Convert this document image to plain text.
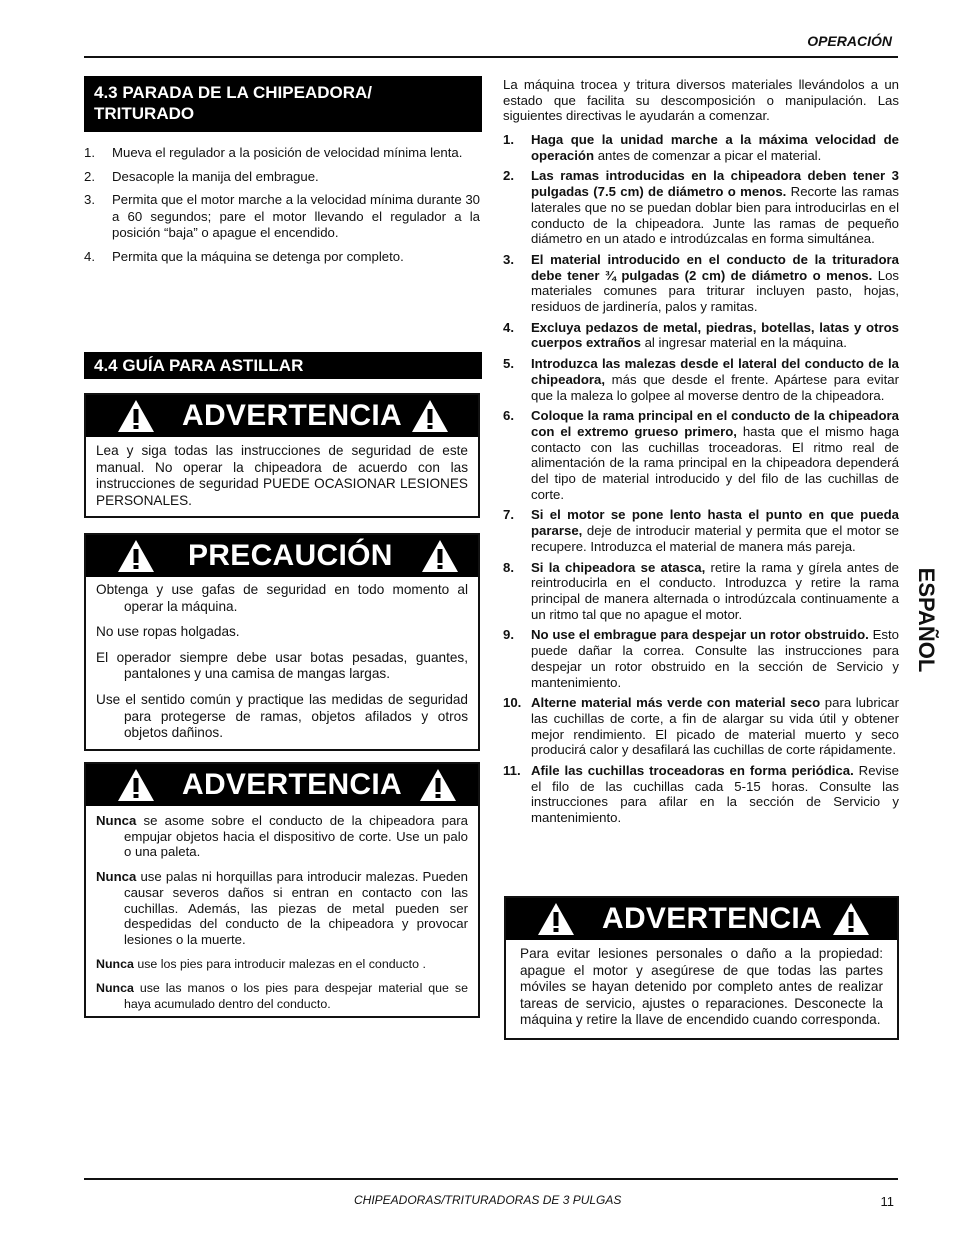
OPERACIÓN
4.3 PARADA DE LA CHIPEADORA/
TRITURADO
1. Mueva el regulador a la posición de velocidad mínima lenta.
2. Desacople la manija del embrague.
3. Permita que el motor marche a la velocidad mínima durante 30 a 60 segundos; pare el motor llevando el regulador a la posición “baja” o apague el encendido.
4. Permita que la máquina se detenga por completo.
4.4 GUÍA PARA ASTILLAR
ADVERTENCIA
Lea y siga todas las instrucciones de seguridad de este manual. No operar la chipeadora de acuerdo con las instrucciones de seguridad PUEDE OCASIONAR LESIONES PERSONALES.
PRECAUCIÓN

Obtenga y use gafas de seguridad en todo momento al operar la máquina.

No use ropas holgadas.

El operador siempre debe usar botas pesadas, guantes, pantalones y una camisa de mangas largas.

Use el sentido común y practique las medidas de seguridad para protegerse de ramas, objetos afilados y otros objetos dañinos.

ADVERTENCIA

Nunca se asome sobre el conducto de la chipeadora para empujar objetos hacia el dispositivo de corte. Use un palo o una paleta.

Nunca use palas ni horquillas para introducir malezas. Pueden causar severos daños si entran en contacto con las cuchillas. Además, las piezas de metal pueden ser despedidas del conducto de la chipeadora y provocar lesiones o la muerte.

Nunca use los pies para introducir malezas en el conducto .

Nunca use las manos o los pies para despejar material que se haya acumulado dentro del conducto.

La máquina trocea y tritura diversos materiales llevándolos a un estado que facilita su descomposición o manipulación. Las siguientes directivas le ayudarán a comenzar.
1. Haga que la unidad marche a la máxima velocidad de operación antes de comenzar a picar el material.
2. Las ramas introducidas en la chipeadora deben tener 3 pulgadas (7.5 cm) de diámetro o menos. Recorte las ramas laterales que no se puedan doblar bien para introducirlas en el conducto de la chipeadora. Junte las ramas de pequeño diámetro en un atado e introdúzcalas en forma simultánea.
3. El material introducido en el conducto de la trituradora debe tener ¾ pulgadas (2 cm) de diámetro o menos. Los materiales comunes para triturar incluyen pasto, hojas, residuos de jardinería, palos y ramitas.
4. Excluya pedazos de metal, piedras, botellas, latas y otros cuerpos extraños al ingresar material en la máquina.
5. Introduzca las malezas desde el lateral del conducto de la chipeadora, más que desde el frente. Apártese para evitar que la maleza lo golpee al moverse dentro de la chipeadora.
6. Coloque la rama principal en el conducto de la chipeadora con el extremo grueso primero, hasta que el mismo haga contacto con las cuchillas troceadoras. El ritmo real de alimentación de la rama principal en la chipeadora dependerá del tipo de material introducido y del filo de las cuchillas de corte.
7. Si el motor se pone lento hasta el punto en que pueda pararse, deje de introducir material y permita que el motor se recupere. Introduzca el material de manera más pareja.
8. Si la chipeadora se atasca, retire la rama y gírela antes de reintroducirla en el conducto. Introduzca y retire la rama principal de manera alternada o introdúzcala continuamente a un ritmo tal que no apague el motor.
9. No use el embrague para despejar un rotor obstruido. Esto puede dañar la correa. Consulte las instrucciones para despejar un rotor obstruido en la sección de Servicio y mantenimiento.
10. Alterne material más verde con material seco para lubricar las cuchillas de corte, a fin de alargar su vida útil y obtener mejor rendimiento. El picado de material muerto y seco producirá calor y desafilará las cuchillas de corte rápidamente.
11. Afile las cuchillas troceadoras en forma periódica. Revise el filo de las cuchillas cada 5-15 horas. Consulte las instrucciones para afilar en la sección de Servicio y mantenimiento.
ADVERTENCIA
Para evitar lesiones personales o daño a la propiedad: apague el motor y asegúrese de que todas las partes móviles se hayan detenido por completo antes de realizar tareas de servicio, ajustes o reparaciones. Desconecte la máquina y retire la llave de encendido cuando corresponda.
ESPAÑOL
CHIPEADORAS/TRITURADORAS DE 3 PULGAS	11
